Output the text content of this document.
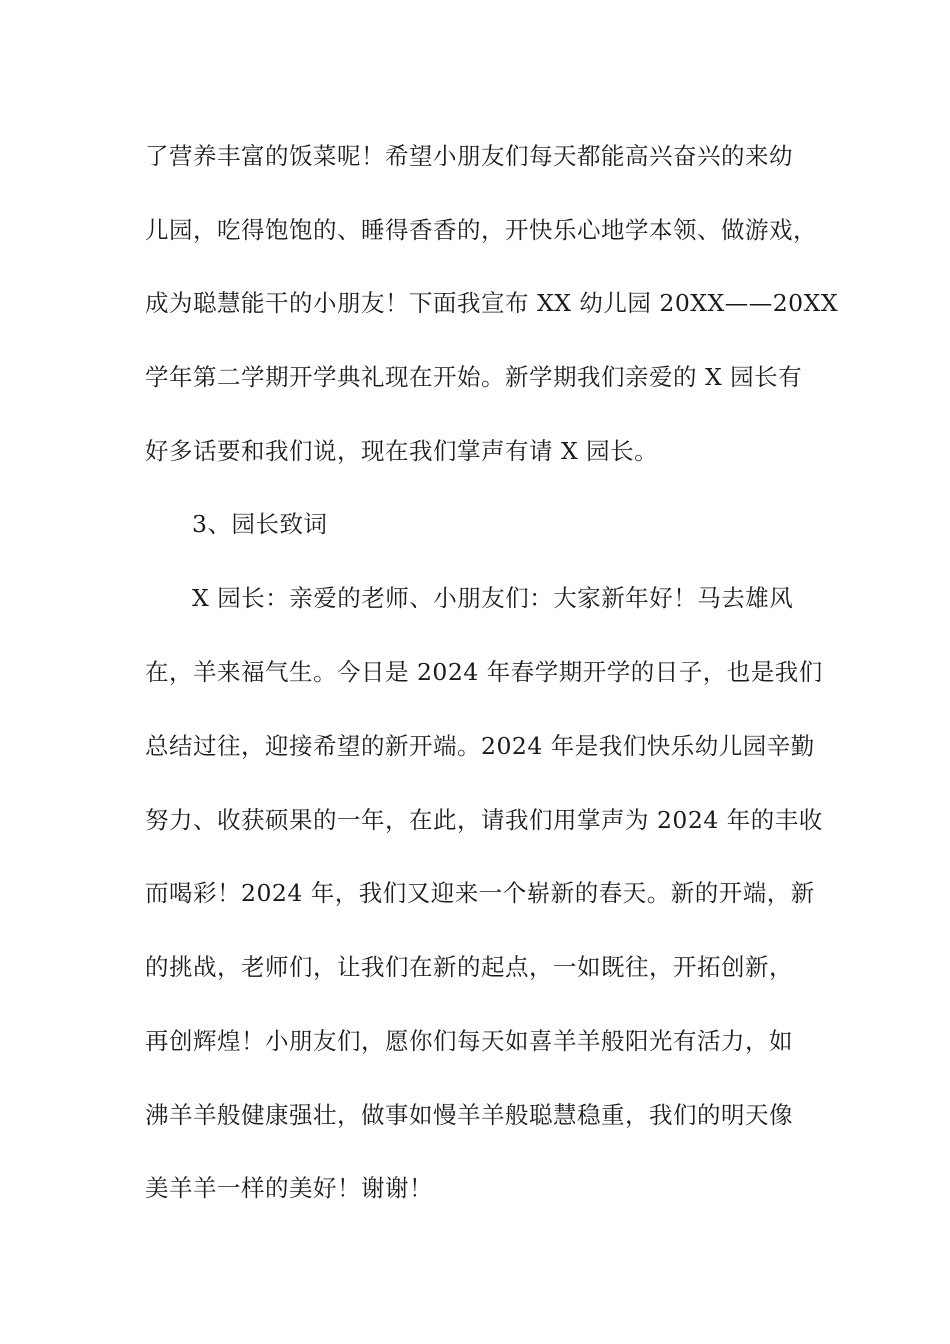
了营养丰富的饭菜呢！希望小朋友们每天都能高兴奋兴的来幼
儿园，吃得饱饱的、睡得香香的，开快乐心地学本领、做游戏，
成为聪慧能干的小朋友！下面我宣布 XX 幼儿园 20XX——20XX
学年第二学期开学典礼现在开始。新学期我们亲爱的 X 园长有
好多话要和我们说，现在我们掌声有请 X 园长。
3、园长致词
X 园长：亲爱的老师、小朋友们：大家新年好！马去雄风
在，羊来福气生。今日是 2024 年春学期开学的日子，也是我们
总结过往，迎接希望的新开端。2024 年是我们快乐幼儿园辛勤
努力、收获硕果的一年，在此，请我们用掌声为 2024 年的丰收
而喝彩！2024 年，我们又迎来一个崭新的春天。新的开端，新
的挑战，老师们，让我们在新的起点，一如既往，开拓创新，
再创辉煌！小朋友们，愿你们每天如喜羊羊般阳光有活力，如
沸羊羊般健康强壮，做事如慢羊羊般聪慧稳重，我们的明天像
美羊羊一样的美好！谢谢！
